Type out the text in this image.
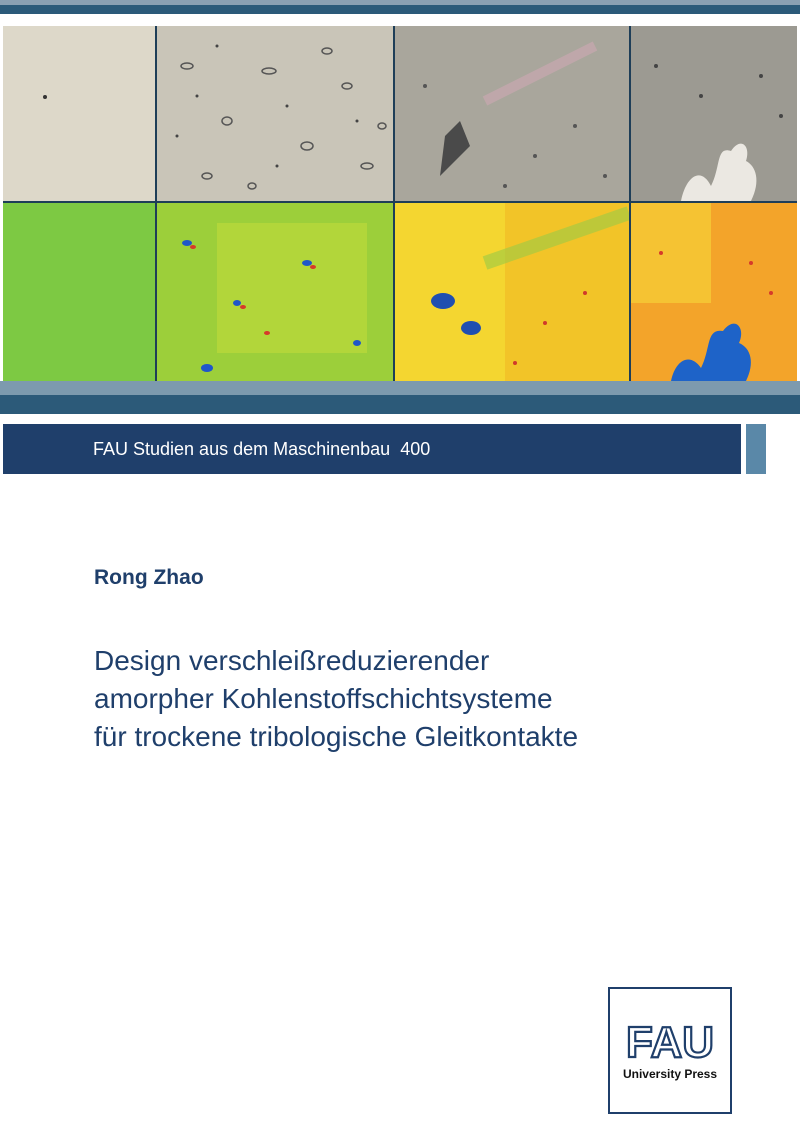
FAU Studien aus dem Maschinenbau 400
Rong Zhao
Design verschleißreduzierender
amorpher Kohlenstoffschichtsysteme
für trockene tribologische Gleitkontakte
FAU
University Press
